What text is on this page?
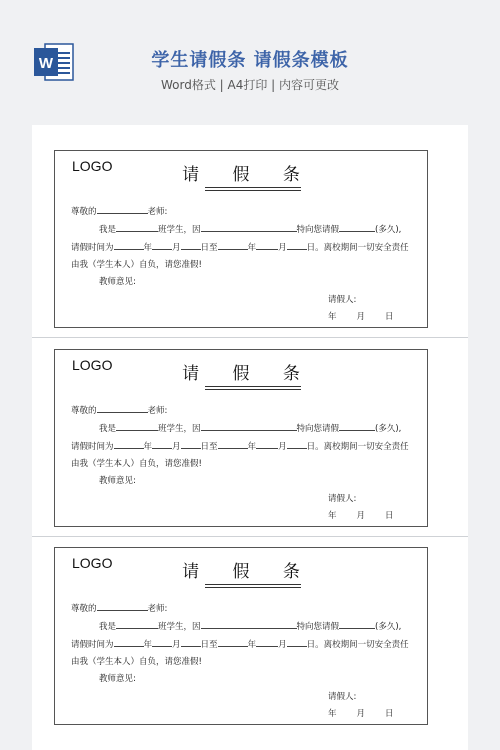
W	学生请假条 请假条模板
Word格式 | A4打印 | 内容可更改
LOGO	请 假 条
尊敬的	老师:
我是	班学生，因	特向您请假	(多久),
请假时间为	年 月 日至	年	月 日。离校期间一切安全责任
由我（学生本人）自负，请您准假!
教师意见:
请假人:
年 月 日
LOGO	请 假 条
尊敬的	老师:
我是	班学生，因	特向您请假	(多久),
请假时间为	年 月 日至	年	月 日。离校期间一切安全责任
由我（学生本人）自负，请您准假!
教师意见:
请假人:
年 月 日
LOGO	请 假 条
尊敬的	老师:
我是	班学生，因	特向您请假	(多久),
请假时间为	年 月 日至	年	月 日。离校期间一切安全责任
由我（学生本人）自负，请您准假!
教师意见:
请假人:
年 月 日
